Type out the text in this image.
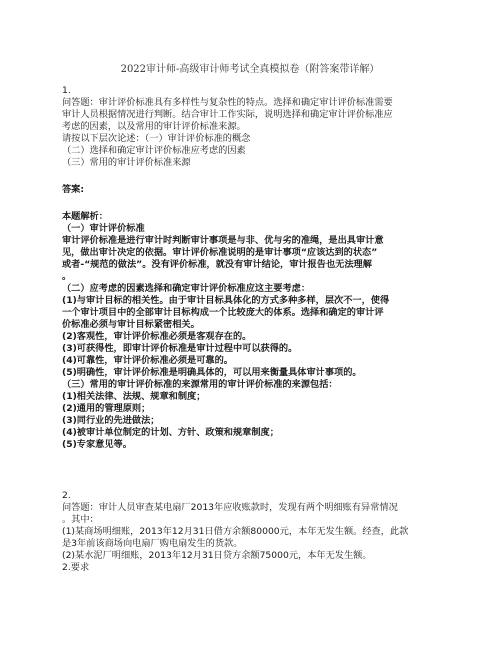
2022审计师-高级审计师考试全真模拟卷（附答案带详解）
1.
问答题：审计评价标准具有多样性与复杂性的特点。选择和确定审计评价标准需要
审计人员根据情况进行判断。结合审计工作实际，说明选择和确定审计评价标准应
考虑的因素，以及常用的审计评价标准来源。
请按以下层次论述：（一）审计评价标准的概念
（二）选择和确定审计评价标准应考虑的因素
（三）常用的审计评价标准来源
答案:
本题解析：
（一）审计评价标准
审计评价标准是进行审计时判断审计事项是与非、优与劣的准绳，是出具审计意
见，做出审计决定的依据。审计评价标准说明的是审计事项“应该达到的状态”
或者-“规范的做法”。没有评价标准，就没有审计结论，审计报告也无法理解
。
（二）应考虑的因素选择和确定审计评价标准应这主要考虑：
(1)与审计目标的相关性。由于审计目标具体化的方式多种多样，层次不一，使得
一个审计项目中的全部审计目标构成一个比较庞大的体系。选择和确定的审计评
价标准必须与审计目标紧密相关。
(2)客观性，审计评价标准必须是客观存在的。
(3)可获得性，即审计评价标准是审计过程中可以获得的。
(4)可靠性，审计评价标准必须是可靠的。
(5)明确性，审计评价标准是明确具体的，可以用来衡量具体审计事项的。
（三）常用的审计评价标准的来源常用的审计评价标准的来源包括：
(1)相关法律、法规、规章和制度；
(2)通用的管理原则；
(3)同行业的先进做法；
(4)被审计单位制定的计划、方针、政策和规章制度；
(5)专家意见等。
2.
问答题：审计人员审查某电扇厂2013年应收账款时，发现有两个明细账有异常情况
。其中：
(1)某商场明细账，2013年12月31日借方余额80000元，本年无发生额。经查，此款
是3年前该商场向电扇厂购电扇发生的货款。
(2)某水泥厂明细账，2013年12月31日贷方余额75000元，本年无发生额。
2.要求
